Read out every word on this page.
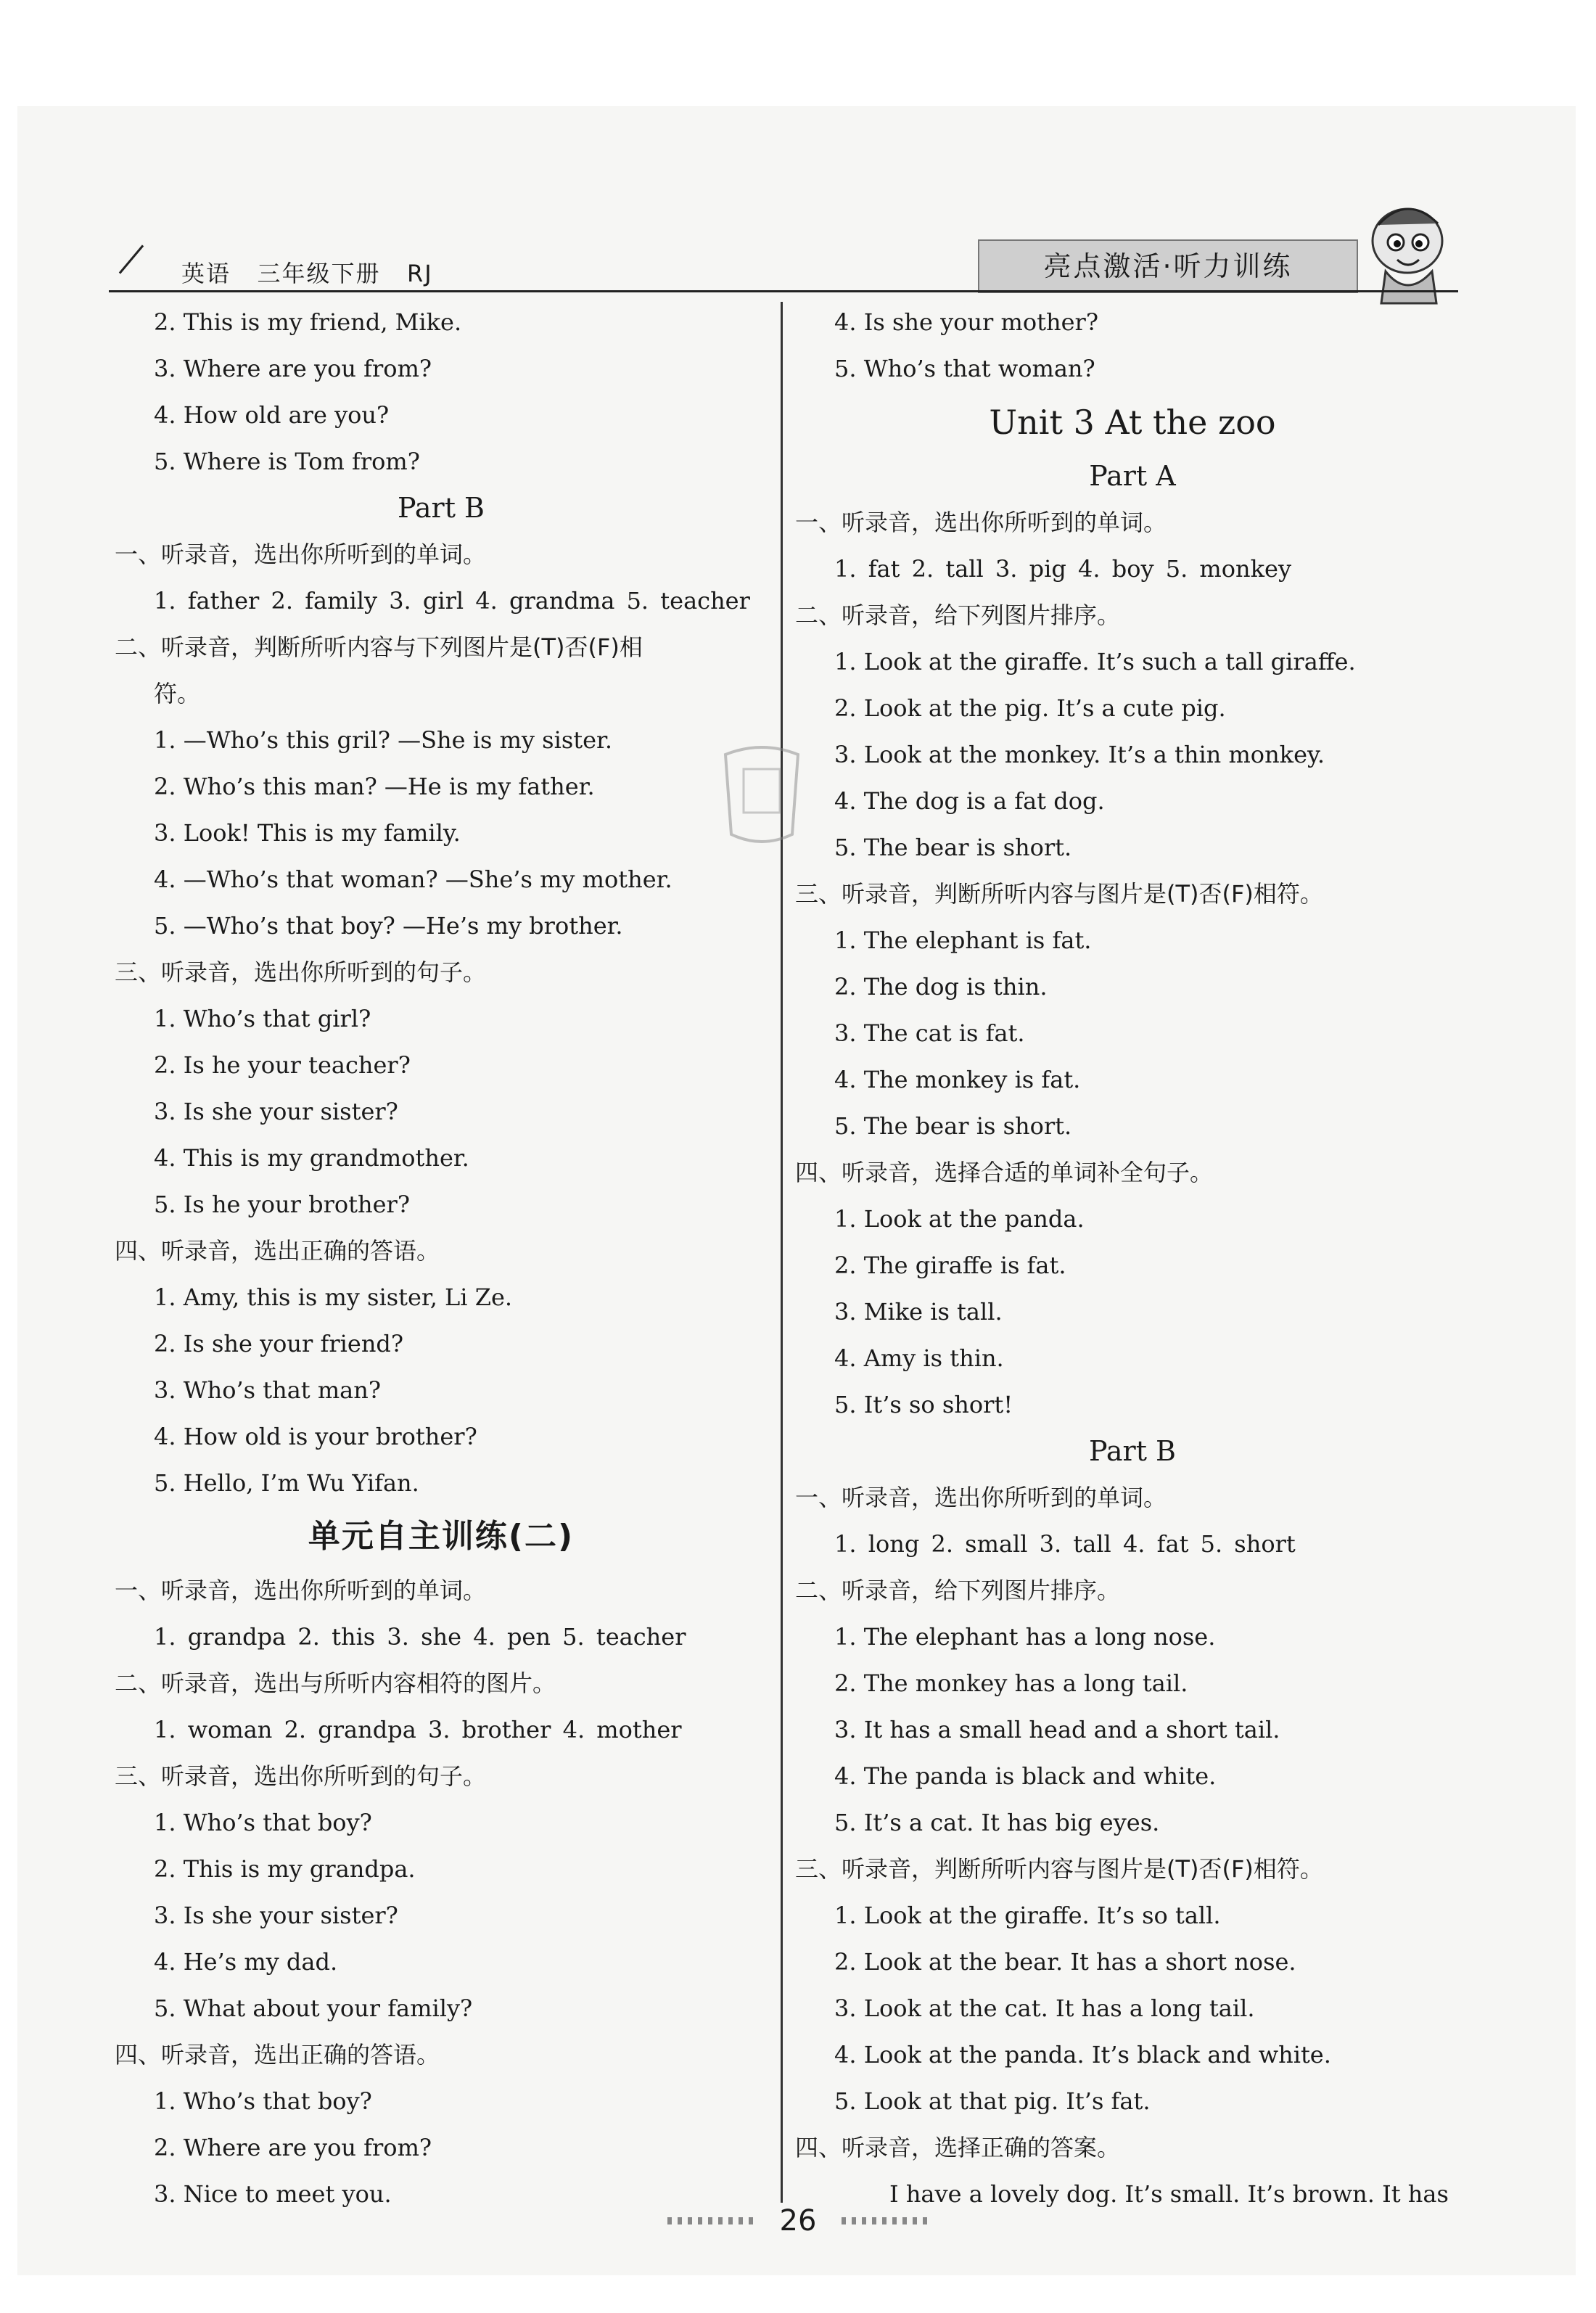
英语   三年级下册   RJ	亮点激活·听力训练
2. This is my friend, Mike.
3. Where are you from?
4. How old are you?
5. Where is Tom from?
Part B
一、听录音，选出你所听到的单词。
1. father 2. family 3. girl 4. grandma 5. teacher
二、听录音，判断所听内容与下列图片是(T)否(F)相
符。
1. —Who’s this gril? —She is my sister.
2. Who’s this man? —He is my father.
3. Look! This is my family.
4. —Who’s that woman? —She’s my mother.
5. —Who’s that boy? —He’s my brother.
三、听录音，选出你所听到的句子。
1. Who’s that girl?
2. Is he your teacher?
3. Is she your sister?
4. This is my grandmother.
5. Is he your brother?
四、听录音，选出正确的答语。
1. Amy, this is my sister, Li Ze.
2. Is she your friend?
3. Who’s that man?
4. How old is your brother?
5. Hello, I’m Wu Yifan.
单元自主训练(二)
一、听录音，选出你所听到的单词。
1. grandpa 2. this 3. she 4. pen 5. teacher
二、听录音，选出与所听内容相符的图片。
1. woman 2. grandpa 3. brother 4. mother
三、听录音，选出你所听到的句子。
1. Who’s that boy?
2. This is my grandpa.
3. Is she your sister?
4. He’s my dad.
5. What about your family?
四、听录音，选出正确的答语。
1. Who’s that boy?
2. Where are you from?
3. Nice to meet you.
4. Is she your mother?
5. Who’s that woman?
Unit 3 At the zoo
Part A
一、听录音，选出你所听到的单词。
1. fat 2. tall 3. pig 4. boy 5. monkey
二、听录音，给下列图片排序。
1. Look at the giraffe. It’s such a tall giraffe.
2. Look at the pig. It’s a cute pig.
3. Look at the monkey. It’s a thin monkey.
4. The dog is a fat dog.
5. The bear is short.
三、听录音，判断所听内容与图片是(T)否(F)相符。
1. The elephant is fat.
2. The dog is thin.
3. The cat is fat.
4. The monkey is fat.
5. The bear is short.
四、听录音，选择合适的单词补全句子。
1. Look at the panda.
2. The giraffe is fat.
3. Mike is tall.
4. Amy is thin.
5. It’s so short!
Part B
一、听录音，选出你所听到的单词。
1. long 2. small 3. tall 4. fat 5. short
二、听录音，给下列图片排序。
1. The elephant has a long nose.
2. The monkey has a long tail.
3. It has a small head and a short tail.
4. The panda is black and white.
5. It’s a cat. It has big eyes.
三、听录音，判断所听内容与图片是(T)否(F)相符。
1. Look at the giraffe. It’s so tall.
2. Look at the bear. It has a short nose.
3. Look at the cat. It has a long tail.
4. Look at the panda. It’s black and white.
5. Look at that pig. It’s fat.
四、听录音，选择正确的答案。
I have a lovely dog. It’s small. It’s brown. It has
26
